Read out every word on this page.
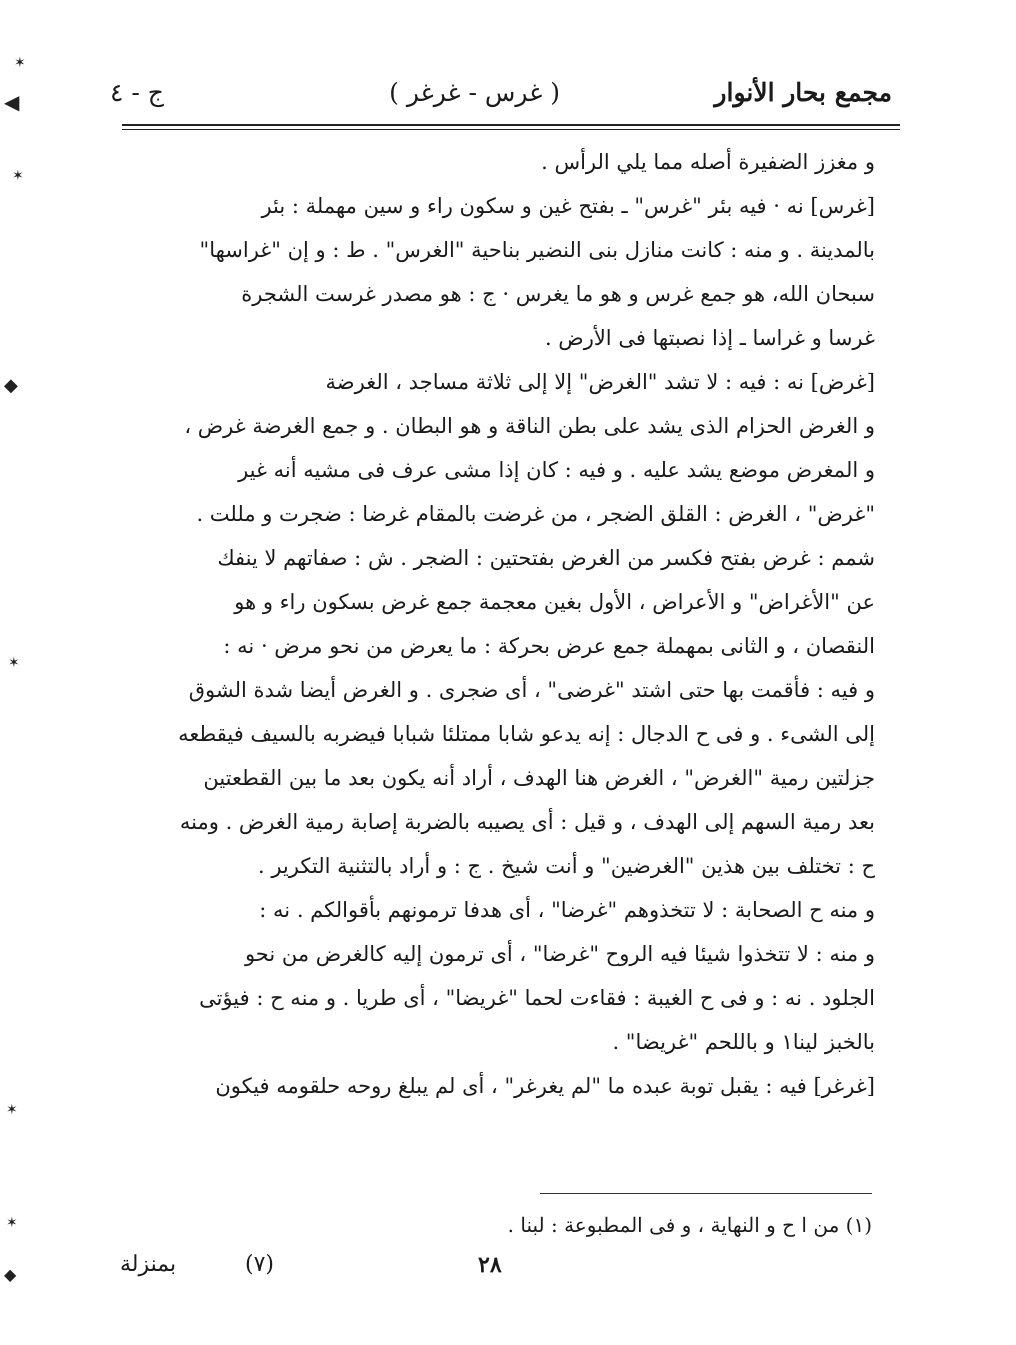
✶
◀
✶
◆
✶
✶
✶
◆
مجمع بحار الأنوار
( غرس - غرغر )
ج - ٤
و مغزز الضفيرة أصله مما يلي الرأس .
[غرس] نه · فيه بئر "غرس" ـ بفتح غين و سكون راء و سين مهملة : بئر
بالمدينة . و منه : كانت منازل بنى النضير بناحية "الغرس" . ط : و إن "غراسها"
سبحان الله، هو جمع غرس و هو ما يغرس · ج : هو مصدر غرست الشجرة
غرسا و غراسا ـ إذا نصبتها فى الأرض .
[غرض] نه : فيه : لا تشد "الغرض" إلا إلى ثلاثة مساجد ، الغرضة
و الغرض الحزام الذى يشد على بطن الناقة و هو البطان . و جمع الغرضة غرض ،
و المغرض موضع يشد عليه . و فيه : كان إذا مشى عرف فى مشيه أنه غير
"غرض" ، الغرض : القلق الضجر ، من غرضت بالمقام غرضا : ضجرت و مللت .
شمم : غرض بفتح فكسر من الغرض بفتحتين : الضجر . ش : صفاتهم لا ينفك
عن "الأغراض" و الأعراض ، الأول بغين معجمة جمع غرض بسكون راء و هو
النقصان ، و الثانى بمهملة جمع عرض بحركة : ما يعرض من نحو مرض · نه :
و فيه : فأقمت بها حتى اشتد "غرضى" ، أى ضجرى . و الغرض أيضا شدة الشوق
إلى الشىء . و فى ح الدجال : إنه يدعو شابا ممتلئا شبابا فيضربه بالسيف فيقطعه
جزلتين رمية "الغرض" ، الغرض هنا الهدف ، أراد أنه يكون بعد ما بين القطعتين
بعد رمية السهم إلى الهدف ، و قيل : أى يصيبه بالضربة إصابة رمية الغرض . ومنه
ح : تختلف بين هذين "الغرضين" و أنت شيخ . ج : و أراد بالتثنية التكرير .
و منه ح الصحابة : لا تتخذوهم "غرضا" ، أى هدفا ترمونهم بأقوالكم . نه :
و منه : لا تتخذوا شيئا فيه الروح "غرضا" ، أى ترمون إليه كالغرض من نحو
الجلود . نه : و فى ح الغيبة : فقاءت لحما "غريضا" ، أى طريا . و منه ح : فيؤتى
بالخبز لينا١ و باللحم "غريضا" .
[غرغر] فيه : يقبل توبة عبده ما "لم يغرغر" ، أى لم يبلغ روحه حلقومه فيكون
(١) من ا ح و النهاية ، و فى المطبوعة : لبنا .
بمنزلة	(٧)	٢٨
